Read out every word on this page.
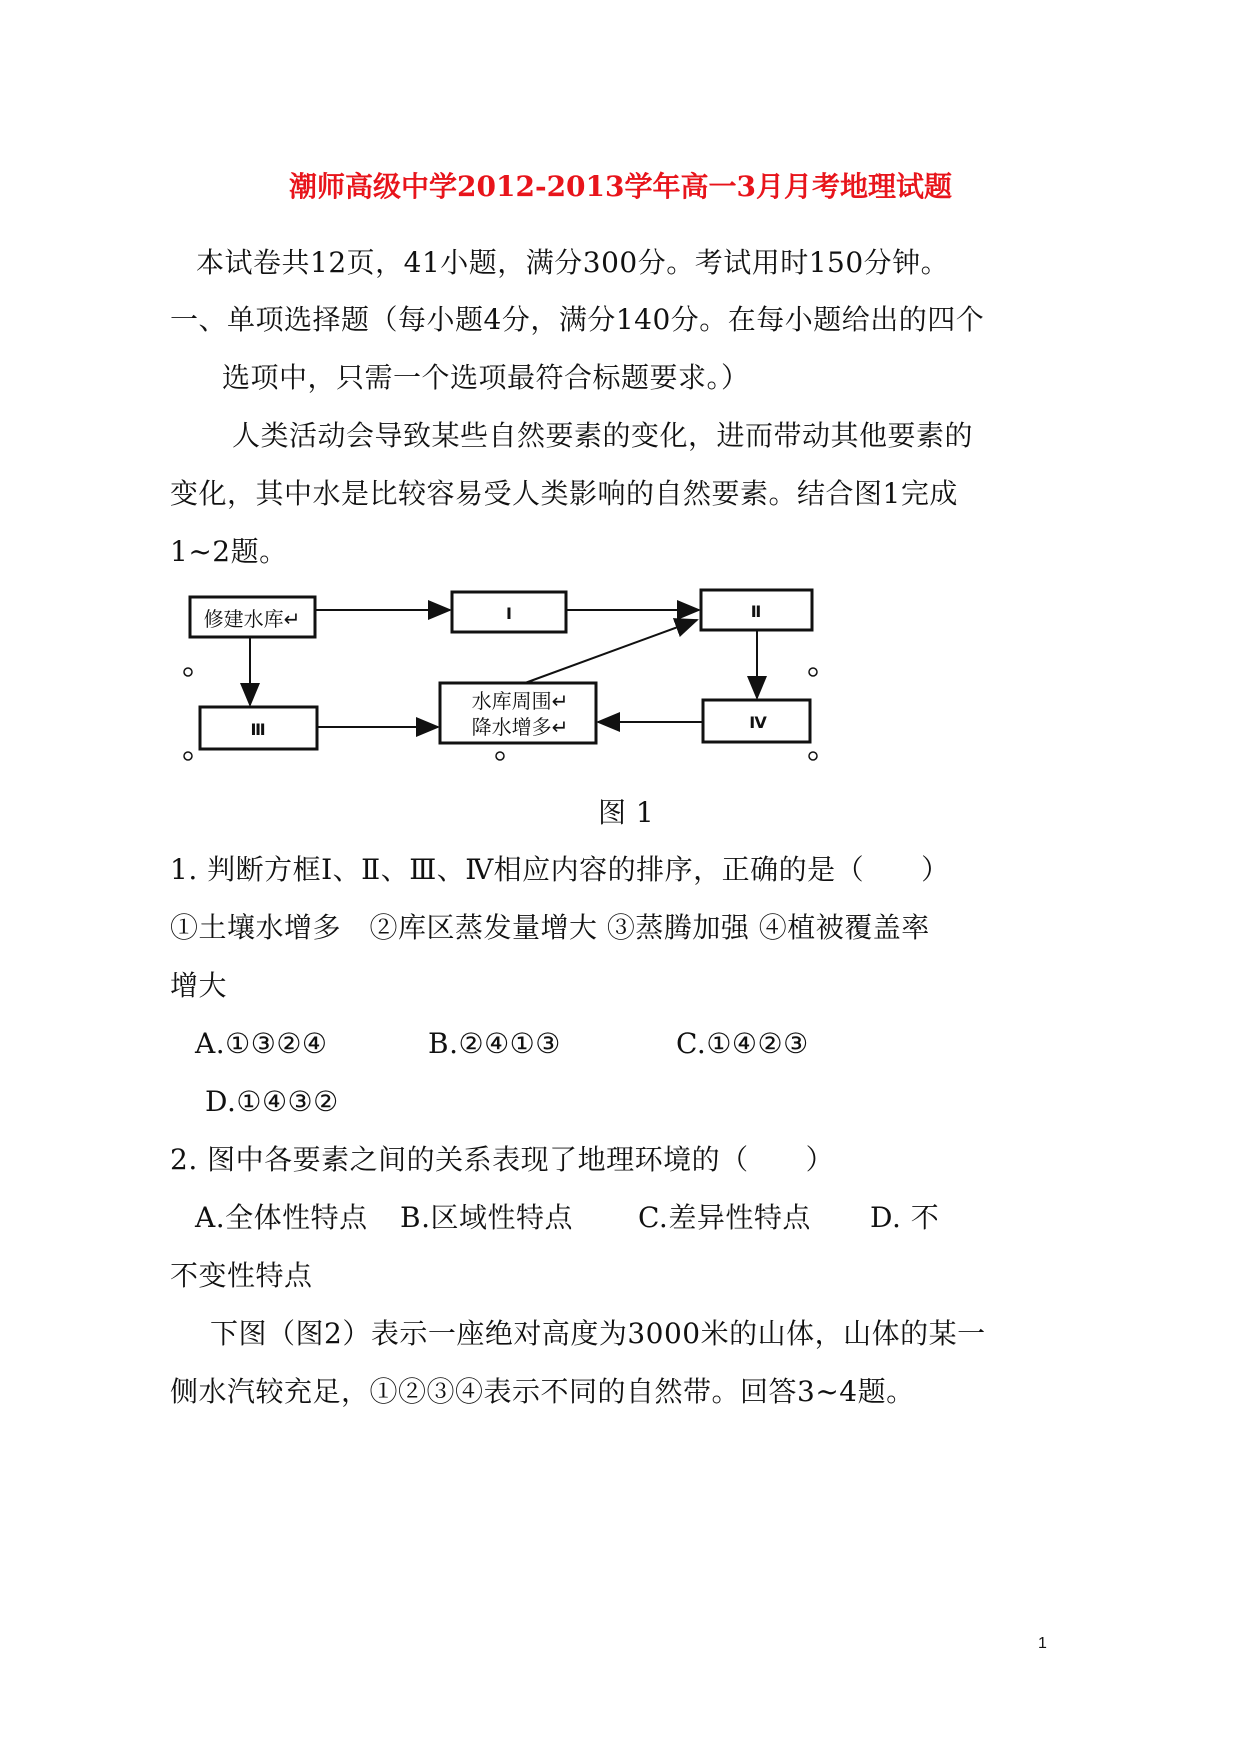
潮师高级中学2012-2013学年高一3月月考地理试题
本试卷共12页，41小题，满分300分。考试用时150分钟。
一、单项选择题（每小题4分，满分140分。在每小题给出的四个
选项中，只需一个选项最符合标题要求。）
人类活动会导致某些自然要素的变化，进而带动其他要素的
变化，其中水是比较容易受人类影响的自然要素。结合图1完成
1~2题。
修建水库↵	I	Ⅱ
Ⅲ	Ⅳ
水库周围↵
降水增多↵
图 1
1. 判断方框Ⅰ、Ⅱ、Ⅲ、Ⅳ相应内容的排序，正确的是（　　）
①土壤水增多　②库区蒸发量增大 ③蒸腾加强 ④植被覆盖率
增大
A.①③②④	B.②④①③	C.①④②③
D.①④③②
2. 图中各要素之间的关系表现了地理环境的（　　）
A.全体性特点 B.区域性特点 C.差异性特点 D. 不
不变性特点
下图（图2）表示一座绝对高度为3000米的山体，山体的某一
侧水汽较充足，①②③④表示不同的自然带。回答3~4题。
1
